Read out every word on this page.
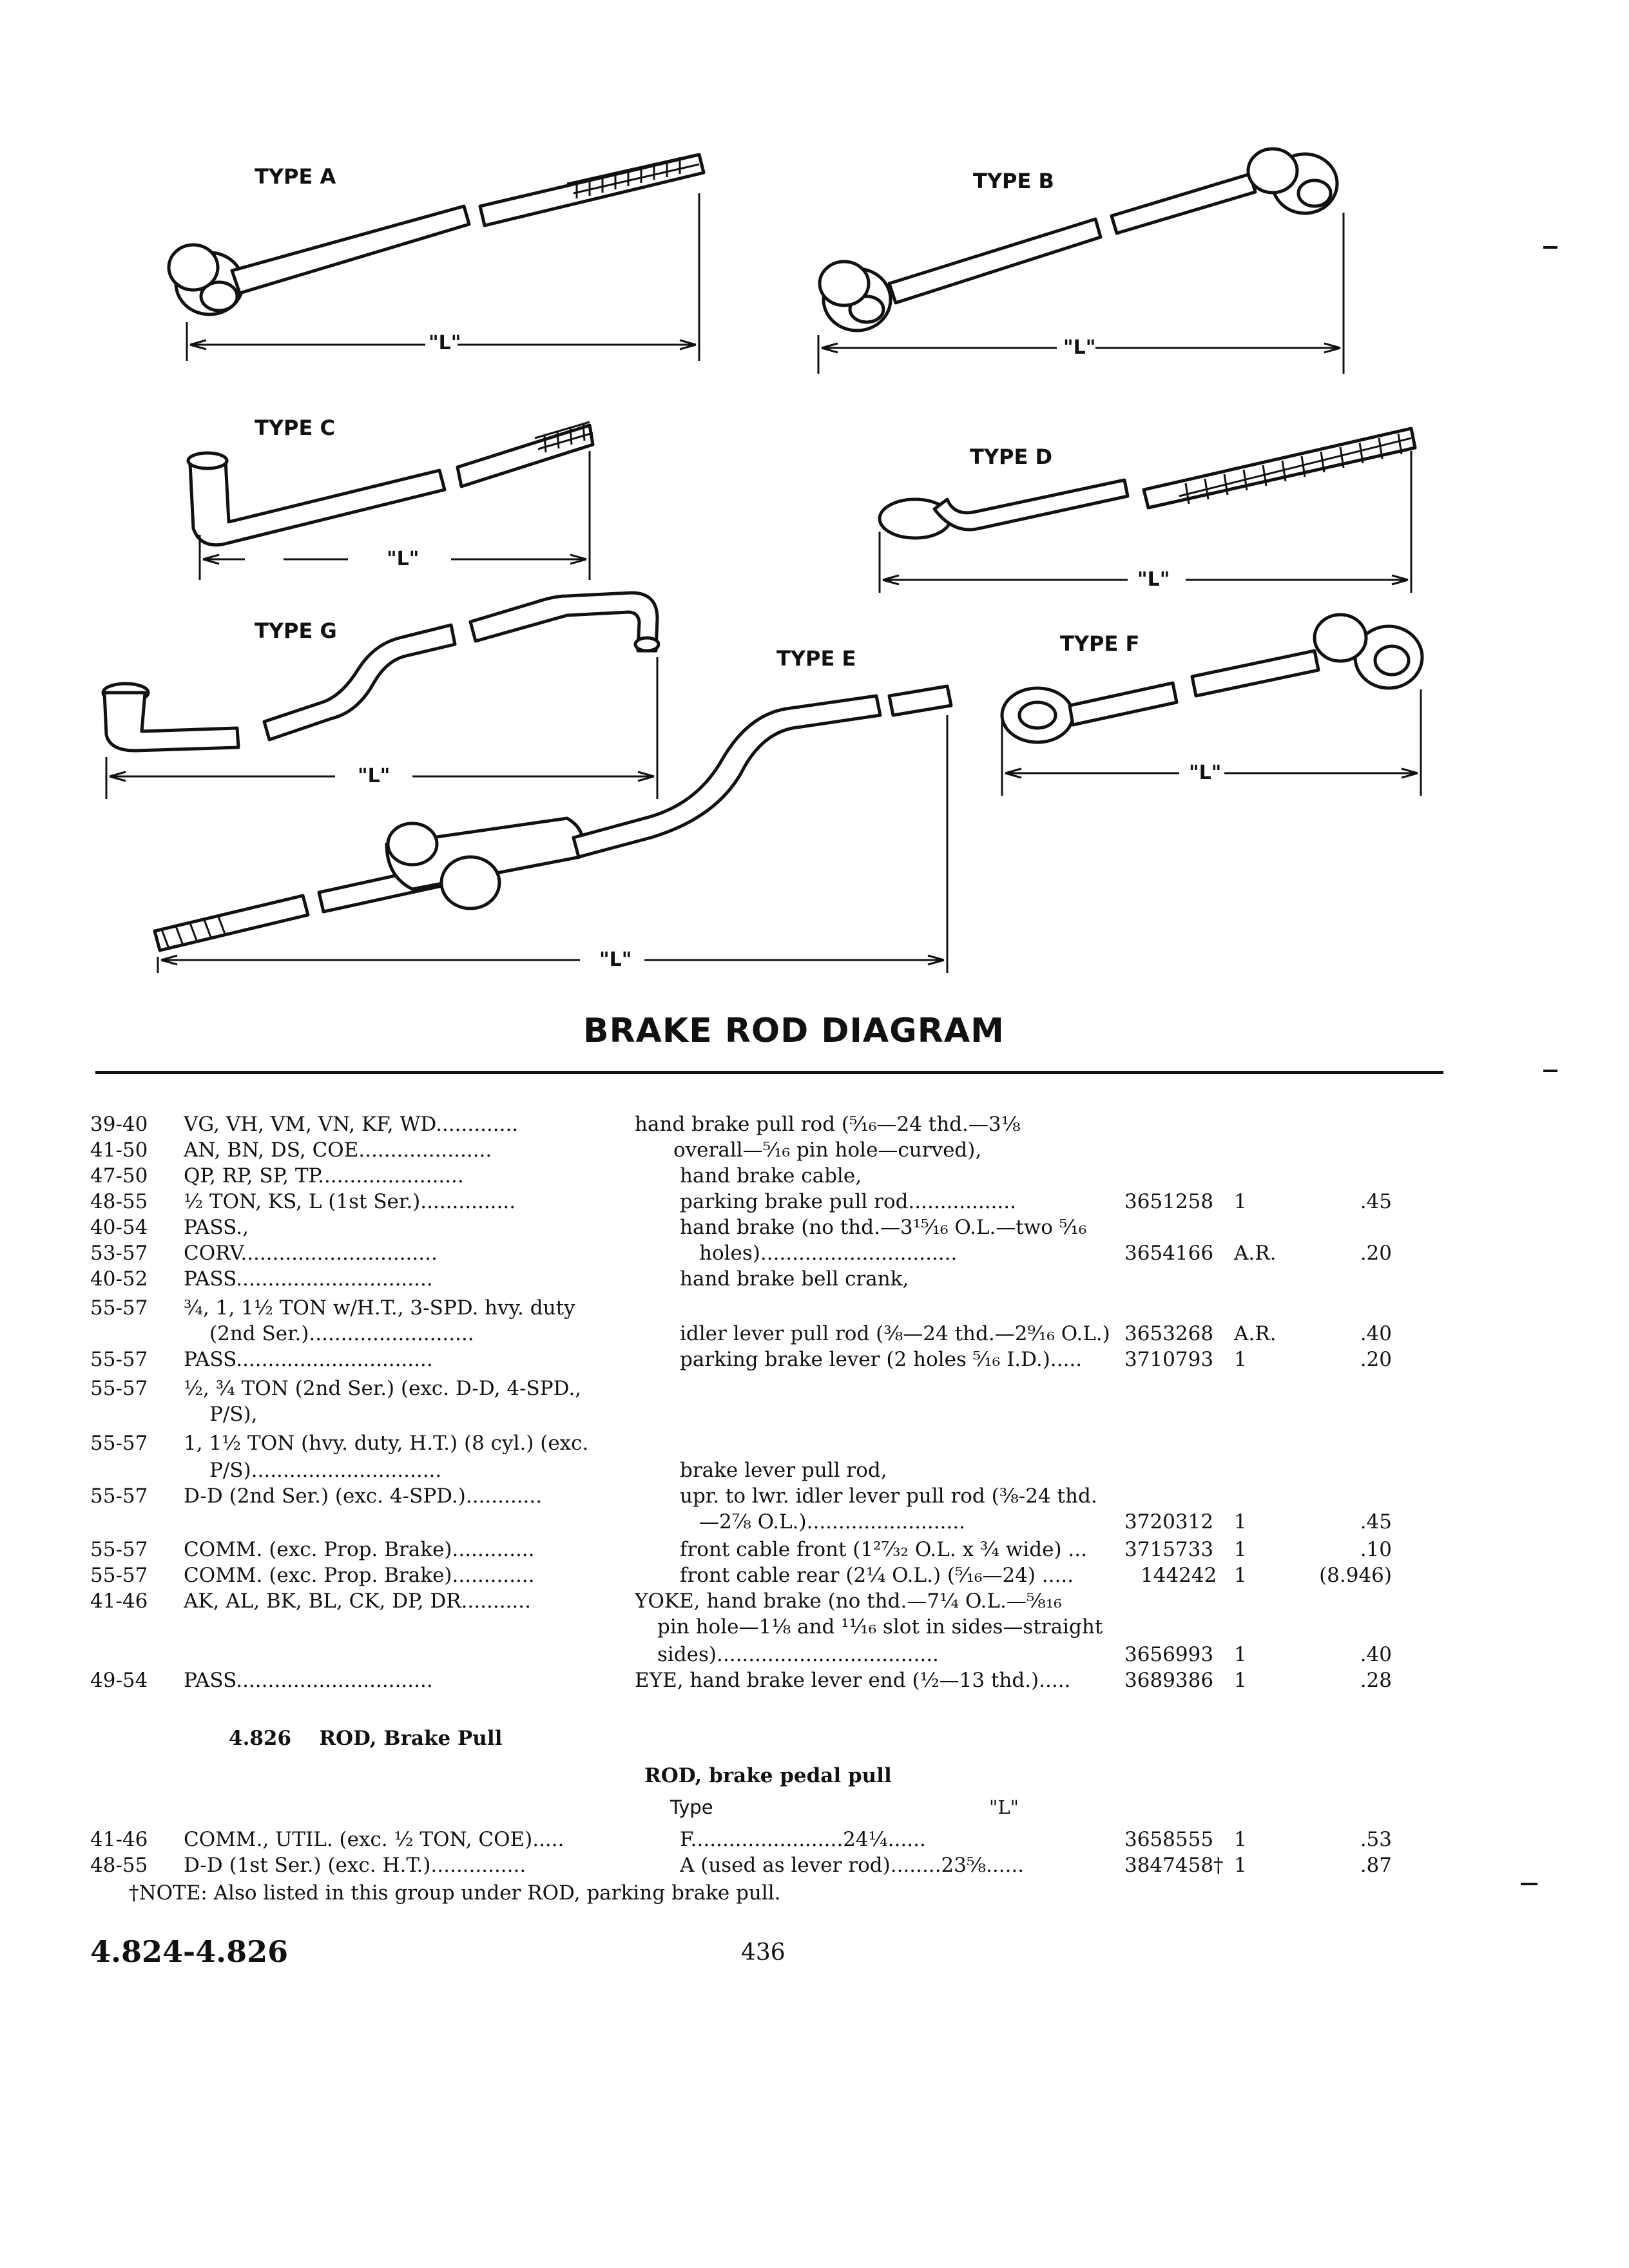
TYPE A	TYPE B
TYPE C
TYPE D
TYPE G
TYPE E
TYPE F
"L"	"L"
"L"
"L"
"L"
"L"
"L"
BRAKE ROD DIAGRAM
39-40	VG, VH, VM, VN, KF, WD.............	hand brake pull rod (⁵⁄₁₆—24 thd.—3⅛
41-50	AN, BN, DS, COE.....................	overall—⁵⁄₁₆ pin hole—curved),
47-50	QP, RP, SP, TP.......................	hand brake cable,
48-55	½ TON, KS, L (1st Ser.)...............	parking brake pull rod.................	3651258	1	.45
40-54	PASS.,	hand brake (no thd.—3¹⁵⁄₁₆ O.L.—two ⁵⁄₁₆
53-57	CORV...............................	holes)...............................	3654166	A.R.	.20
40-52	PASS...............................	hand brake bell crank,
55-57	¾, 1, 1½ TON w/H.T., 3-SPD. hvy. duty
(2nd Ser.)..........................	idler lever pull rod (⅜—24 thd.—2⁹⁄₁₆ O.L.) 3653268	A.R.	.40
55-57	PASS...............................	parking brake lever (2 holes ⁵⁄₁₆ I.D.).....	3710793	1	.20
55-57	½, ¾ TON (2nd Ser.) (exc. D-D, 4-SPD.,
P/S),
55-57	1, 1½ TON (hvy. duty, H.T.) (8 cyl.) (exc.
P/S)..............................	brake lever pull rod,
55-57	D-D (2nd Ser.) (exc. 4-SPD.)............	upr. to lwr. idler lever pull rod (⅜-24 thd.
—2⅞ O.L.).........................	3720312	1	.45
55-57	COMM. (exc. Prop. Brake).............	front cable front (1²⁷⁄₃₂ O.L. x ¾ wide) ...	3715733	1	.10
55-57	COMM. (exc. Prop. Brake).............	front cable rear (2¼ O.L.) (⁵⁄₁₆—24) .....	144242 1	(8.946)
41-46	AK, AL, BK, BL, CK, DP, DR...........	YOKE, hand brake (no thd.—7¼ O.L.—⅝₁₆
pin hole—1⅛ and ¹¹⁄₁₆ slot in sides—straight
sides)...................................	3656993	1	.40
49-54	PASS...............................	EYE, hand brake lever end (½—13 thd.).....	3689386	1	.28
4.826 ROD, Brake Pull
ROD, brake pedal pull
Type	"L"
41-46	COMM., UTIL. (exc. ½ TON, COE).....	F........................24¼......	3658555	1	.53
48-55	D-D (1st Ser.) (exc. H.T.)...............	A (used as lever rod)........23⅝......	3847458† 1	.87
†NOTE: Also listed in this group under ROD, parking brake pull.
4.824-4.826	436
